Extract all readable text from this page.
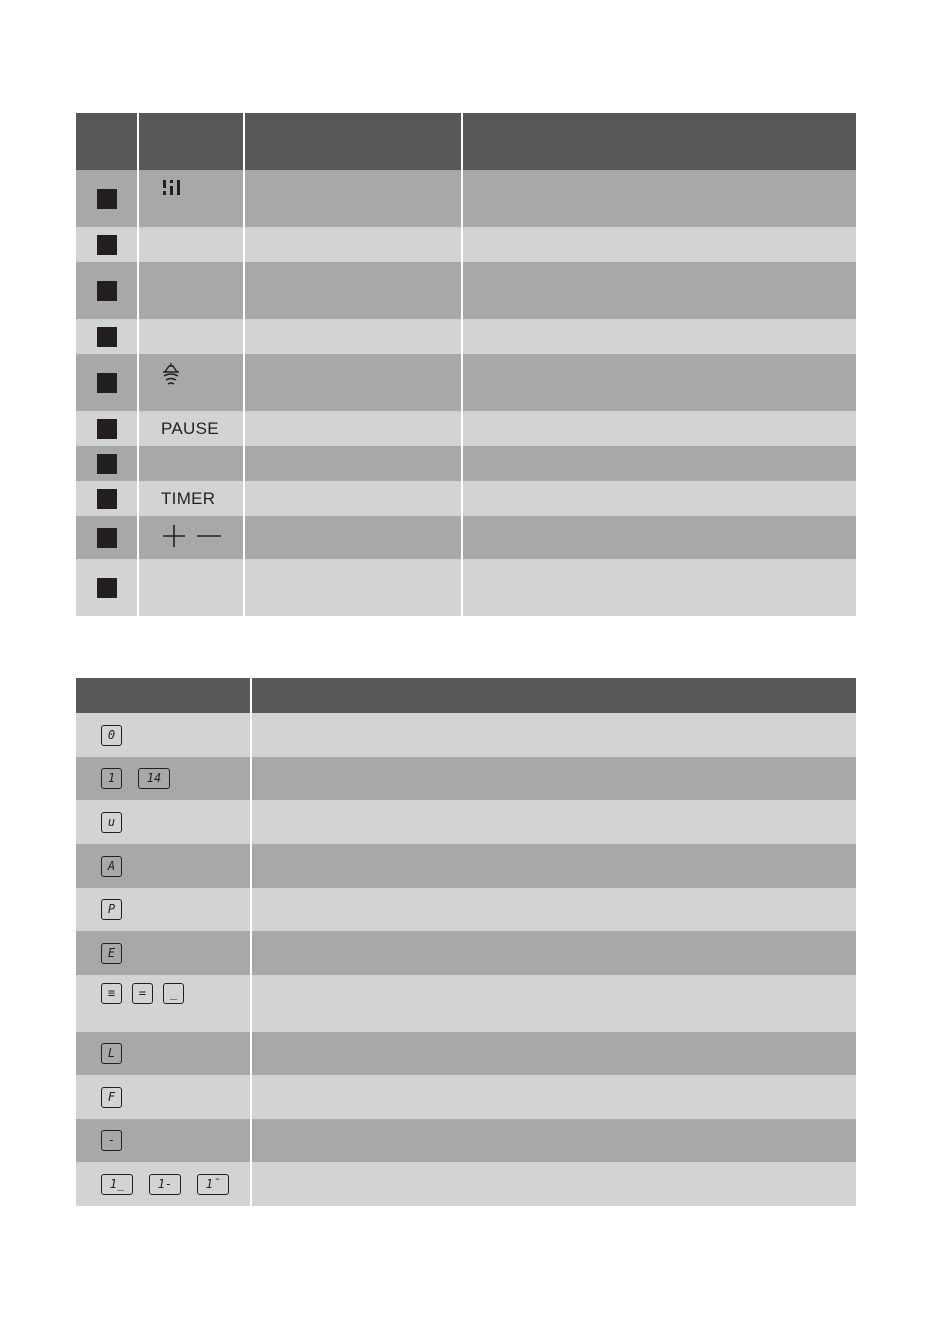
	PAUSE		

	TIMER		

0	
1 14	
u	
A	
P	
E	
≡ = _	
L	
F	
-	
1_ 1- 1¯	
